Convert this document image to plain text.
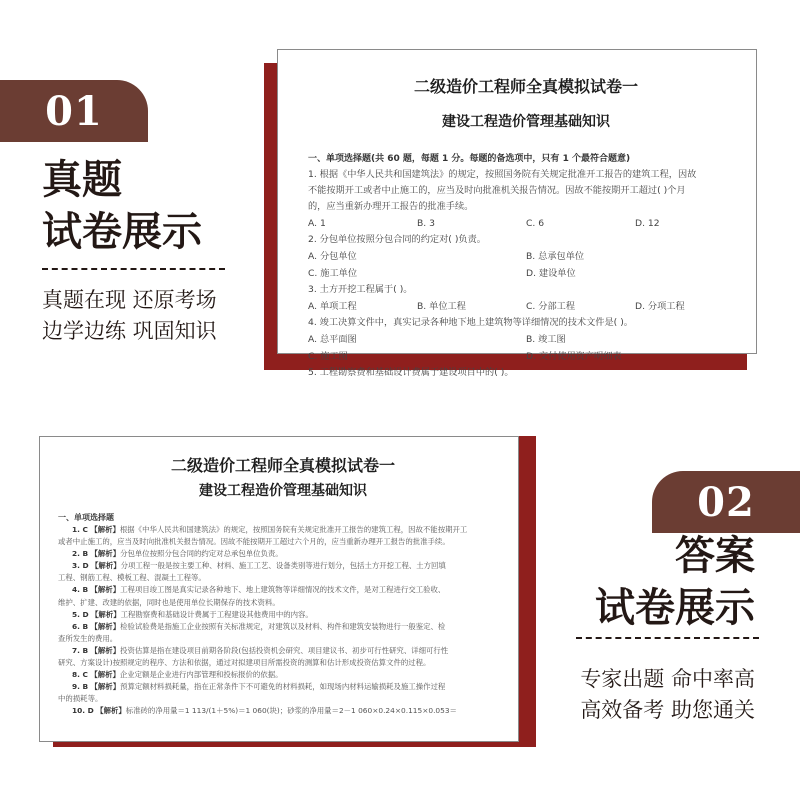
01
真题
试卷展示
真题在现 还原考场
边学边练 巩固知识
二级造价工程师全真模拟试卷一
建设工程造价管理基础知识
一、单项选择题(共 60 题，每题 1 分。每题的备选项中，只有 1 个最符合题意)
1. 根据《中华人民共和国建筑法》的规定，按照国务院有关规定批准开工报告的建筑工程，因故
不能按期开工或者中止施工的，应当及时向批准机关报告情况。因故不能按期开工超过( )个月
的，应当重新办理开工报告的批准手续。
A. 1	B. 3	C. 6	D. 12
2. 分包单位按照分包合同的约定对( )负责。
A. 分包单位	B. 总承包单位
C. 施工单位	D. 建设单位
3. 土方开挖工程属于( )。
A. 单项工程	B. 单位工程	C. 分部工程	D. 分项工程
4. 竣工决算文件中，真实记录各种地下地上建筑物等详细情况的技术文件是( )。
A. 总平面图	B. 竣工图
C. 施工图	D. 交付使用资产明细表
5. 工程勘察费和基础设计费属于建设项目中的( )。
二级造价工程师全真模拟试卷一
建设工程造价管理基础知识
一、单项选择题
1. C 【解析】根据《中华人民共和国建筑法》的规定，按照国务院有关规定批准开工报告的建筑工程，因故不能按期开工
或者中止施工的，应当及时向批准机关报告情况。因故不能按期开工超过六个月的，应当重新办理开工报告的批准手续。
2. B 【解析】分包单位按照分包合同的约定对总承包单位负责。
3. D 【解析】分项工程一般是按主要工种、材料、施工工艺、设备类别等进行划分，包括土方开挖工程、土方回填
工程、钢筋工程、模板工程、混凝土工程等。
4. B 【解析】工程项目竣工图是真实记录各种地下、地上建筑物等详细情况的技术文件，是对工程进行交工验收、
维护、扩建、改建的依据，同时也是使用单位长期保存的技术资料。
5. D 【解析】工程勘察费和基础设计费属于工程建设其他费用中的内容。
6. B 【解析】检验试验费是指施工企业按照有关标准规定，对建筑以及材料、构件和建筑安装物进行一般鉴定、检
查所发生的费用。
7. B 【解析】投资估算是指在建设项目前期各阶段(包括投资机会研究、项目建议书、初步可行性研究、详细可行性
研究、方案设计)按照规定的程序、方法和依据，通过对拟建项目所需投资的测算和估计形成投资估算文件的过程。
8. C 【解析】企业定额是企业进行内部管理和投标报价的依据。
9. B 【解析】预算定额材料损耗量，指在正常条件下不可避免的材料损耗，如现场内材料运输损耗及施工操作过程
中的损耗等。
10. D 【解析】标准砖的净用量＝1 113/(1＋5%)＝1 060(块)；砂浆的净用量＝2－1 060×0.24×0.115×0.053＝
02
答案
试卷展示
专家出题 命中率高
高效备考 助您通关
